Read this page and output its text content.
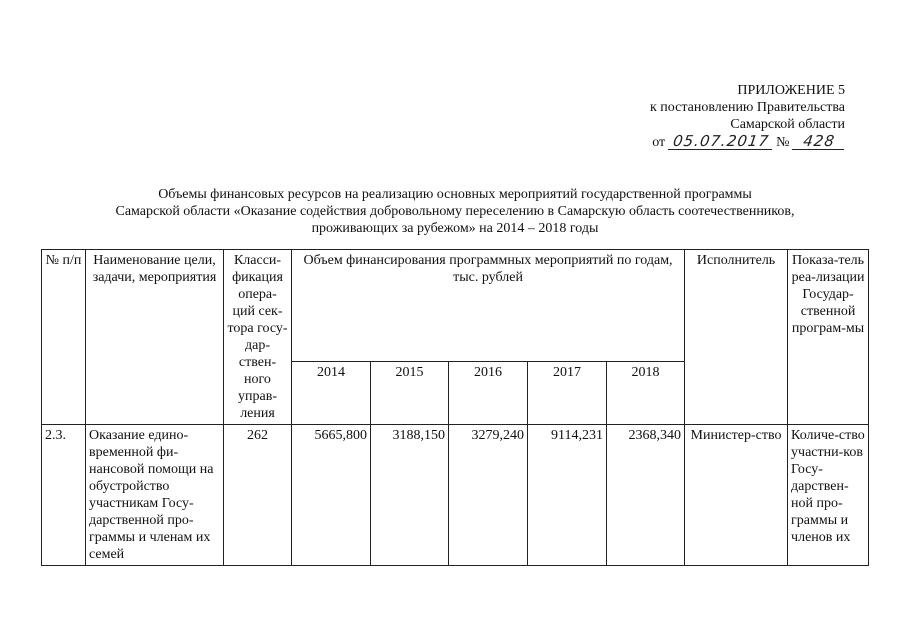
ПРИЛОЖЕНИЕ 5
к постановлению Правительства
Самарской области
от 05.07.2017 № 428
Объемы финансовых ресурсов на реализацию основных мероприятий государственной программы
Самарской области «Оказание содействия добровольному переселению в Самарскую область соотечественников,
проживающих за рубежом» на 2014 – 2018 годы
№ п/п	Наименование цели, задачи, мероприятия	Класси-фикация опера-ций сек-тора госу-дар-ствен-ного управ-ления	Объем финансирования программных мероприятий по годам, тыс. рублей					Исполнитель	Показа-тель реа-лизации Государ-ственной програм-мы
			2014	2015	2016	2017	2018		
2.3.	Оказание едино-временной фи-нансовой помощи на обустройство участникам Госу-дарственной про-граммы и членам их семей	262	5665,800	3188,150	3279,240	9114,231	2368,340	Министер-ство	Количе-ство участни-ков Госу-дарствен-ной про-граммы и членов их
